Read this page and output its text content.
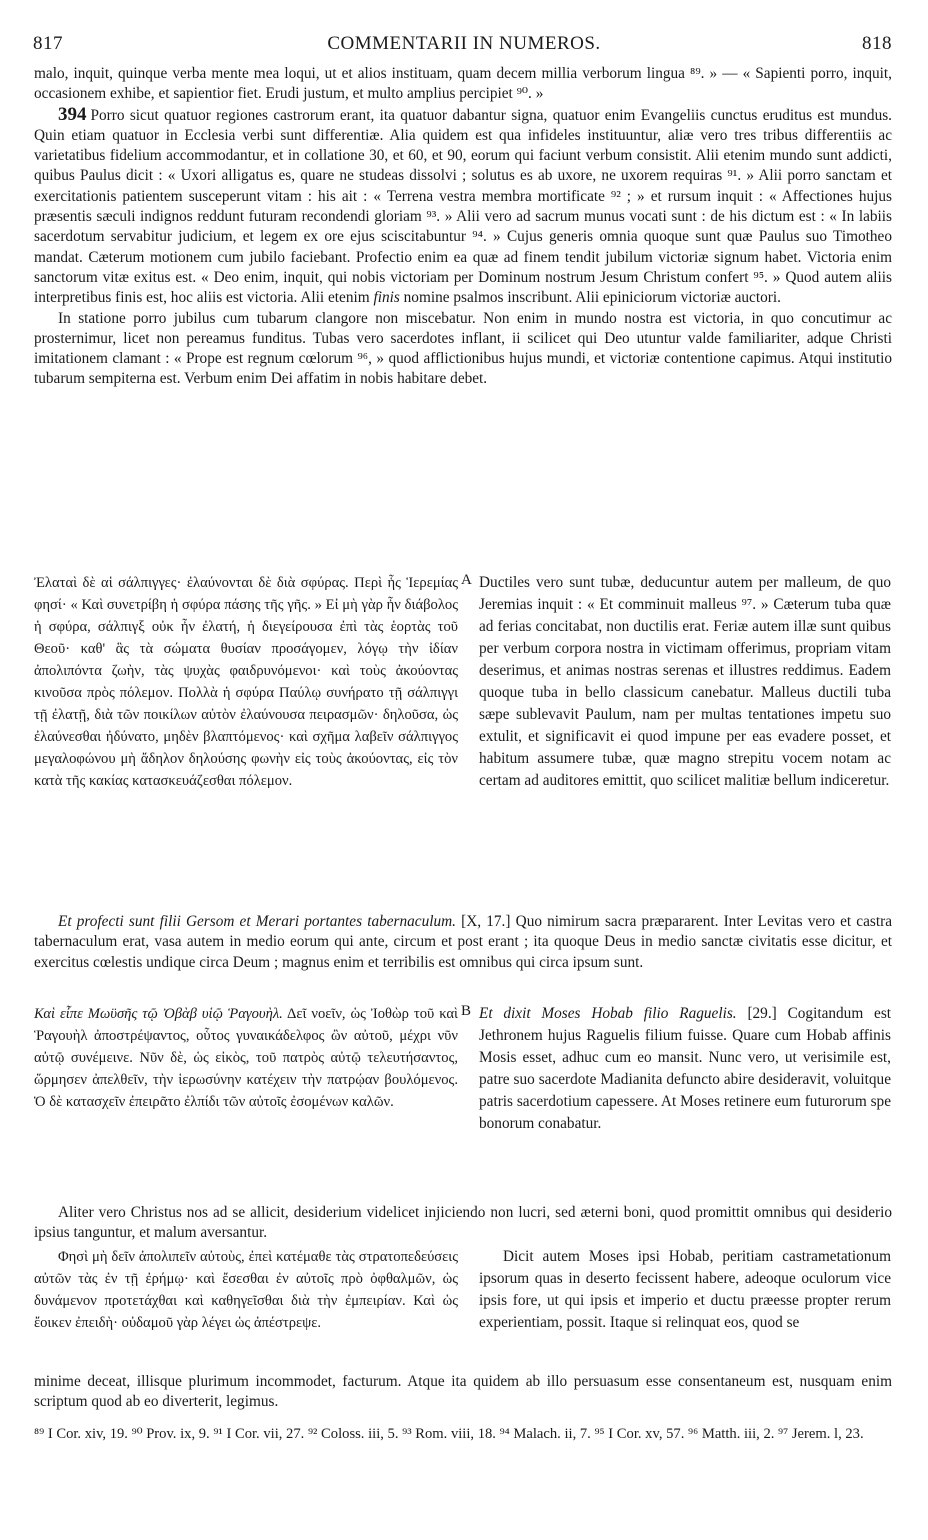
817	COMMENTARII IN NUMEROS.	818

malo, inquit, quinque verba mente mea loqui, ut et alios instituam, quam decem millia verborum lingua ⁸⁹. » — « Sapienti porro, inquit, occasionem exhibe, et sapientior fiet. Erudi justum, et multo amplius percipiet ⁹⁰. »

394 Porro sicut quatuor regiones castrorum erant, ita quatuor dabantur signa, quatuor enim Evangeliis cunctus eruditus est mundus. Quin etiam quatuor in Ecclesia verbi sunt differentiæ. Alia quidem est qua infideles instituuntur, aliæ vero tres tribus differentiis ac varietatibus fidelium accommodantur, et in collatione 30, et 60, et 90, eorum qui faciunt verbum consistit. Alii etenim mundo sunt addicti, quibus Paulus dicit : « Uxori alligatus es, quare ne studeas dissolvi ; solutus es ab uxore, ne uxorem requiras ⁹¹. » Alii porro sanctam et exercitationis patientem susceperunt vitam : his ait : « Terrena vestra membra mortificate ⁹² ; » et rursum inquit : « Affectiones hujus præsentis sæculi indignos reddunt futuram recondendi gloriam ⁹³. » Alii vero ad sacrum munus vocati sunt : de his dictum est : « In labiis sacerdotum servabitur judicium, et legem ex ore ejus sciscitabuntur ⁹⁴. » Cujus generis omnia quoque sunt quæ Paulus suo Timotheo mandat. Cæterum motionem cum jubilo faciebant. Profectio enim ea quæ ad finem tendit jubilum victoriæ signum habet. Victoria enim sanctorum vitæ exitus est. « Deo enim, inquit, qui nobis victoriam per Dominum nostrum Jesum Christum confert ⁹⁵. » Quod autem aliis interpretibus finis est, hoc aliis est victoria. Alii etenim finis nomine psalmos inscribunt. Alii epiniciorum victoriæ auctori.

In statione porro jubilus cum tubarum clangore non miscebatur. Non enim in mundo nostra est victoria, in quo concutimur ac prosternimur, licet non pereamus funditus. Tubas vero sacerdotes inflant, ii scilicet qui Deo utuntur valde familiariter, adque Christi imitationem clamant : « Prope est regnum cœlorum ⁹⁶, » quod afflictionibus hujus mundi, et victoriæ contentione capimus. Atqui institutio tubarum sempiterna est. Verbum enim Dei affatim in nobis habitare debet.

Ἐλαταὶ δὲ αἱ σάλπιγγες· ἐλαύνονται δὲ διὰ σφύρας. Περὶ ἧς Ἱερεμίας φησί· « Καὶ συνετρίβη ἡ σφύρα πάσης τῆς γῆς. » Εἰ μὴ γὰρ ἦν διάβολος ἡ σφύρα, σάλπιγξ οὐκ ἦν ἐλατή, ἡ διεγείρουσα ἐπὶ τὰς ἑορτὰς τοῦ Θεοῦ· καθ' ἃς τὰ σώματα θυσίαν προσάγομεν, λόγῳ τὴν ἰδίαν ἀπολιπόντα ζωὴν, τὰς ψυχὰς φαιδρυνόμενοι· καὶ τοὺς ἀκούοντας κινοῦσα πρὸς πόλεμον. Πολλὰ ἡ σφύρα Παύλῳ συνήρατο τῇ σάλπιγγι τῇ ἐλατῇ, διὰ τῶν ποικίλων αὐτὸν ἐλαύνουσα πειρασμῶν· δηλοῦσα, ὡς ἐλαύνεσθαι ἠδύνατο, μηδὲν βλαπτόμενος· καὶ σχῆμα λαβεῖν σάλπιγγος μεγαλοφώνου μὴ ἄδηλον δηλούσης φωνὴν εἰς τοὺς ἀκούοντας, εἰς τὸν κατὰ τῆς κακίας κατασκευάζεσθαι πόλεμον.

A Ductiles vero sunt tubæ, deducuntur autem per malleum, de quo Jeremias inquit : « Et comminuit malleus ⁹⁷. » Cæterum tuba quæ ad ferias concitabat, non ductilis erat. Feriæ autem illæ sunt quibus per verbum corpora nostra in victimam offerimus, propriam vitam deserimus, et animas nostras serenas et illustres reddimus. Eadem quoque tuba in bello classicum canebatur. Malleus ductili tuba sæpe sublevavit Paulum, nam per multas tentationes impetu suo extulit, et significavit ei quod impune per eas evadere posset, et habitum assumere tubæ, quæ magno strepitu vocem notam ac certam ad auditores emittit, quo scilicet malitiæ bellum indiceretur.

Et profecti sunt filii Gersom et Merari portantes tabernaculum. [X, 17.] Quo nimirum sacra præpararent. Inter Levitas vero et castra tabernaculum erat, vasa autem in medio eorum qui ante, circum et post erant ; ita quoque Deus in medio sanctæ civitatis esse dicitur, et exercitus cœlestis undique circa Deum ; magnus enim et terribilis est omnibus qui circa ipsum sunt.

Καὶ εἶπε Μωϋσῆς τῷ Ὀβὰβ υἱῷ Ῥαγουὴλ. Δεῖ νοεῖν, ὡς Ἰοθὼρ τοῦ καὶ Ῥαγουὴλ ἀποστρέψαντος, οὗτος γυναικάδελφος ὢν αὐτοῦ, μέχρι νῦν αὐτῷ συνέμεινε. Νῦν δὲ, ὡς εἰκὸς, τοῦ πατρὸς αὐτῷ τελευτήσαντος, ὥρμησεν ἀπελθεῖν, τὴν ἱερωσύνην κατέχειν τὴν πατρῴαν βουλόμενος. Ὁ δὲ κατασχεῖν ἐπειρᾶτο ἐλπίδι τῶν αὐτοῖς ἐσομένων καλῶν.

B Et dixit Moses Hobab filio Raguelis. [29.] Cogitandum est Jethronem hujus Raguelis filium fuisse. Quare cum Hobab affinis Mosis esset, adhuc cum eo mansit. Nunc vero, ut verisimile est, patre suo sacerdote Madianita defuncto abire desideravit, voluitque patris sacerdotium capessere. At Moses retinere eum futurorum spe bonorum conabatur.

Aliter vero Christus nos ad se allicit, desiderium videlicet injiciendo non lucri, sed æterni boni, quod promittit omnibus qui desiderio ipsius tanguntur, et malum aversantur.

Φησὶ μὴ δεῖν ἀπολιπεῖν αὐτοὺς, ἐπεὶ κατέμαθε τὰς στρατοπεδεύσεις αὐτῶν τὰς ἐν τῇ ἐρήμῳ· καὶ ἔσεσθαι ἐν αὐτοῖς πρὸ ὀφθαλμῶν, ὡς δυνάμενον προτετάχθαι καὶ καθηγεῖσθαι διὰ τὴν ἐμπειρίαν. Καὶ ὡς ἔοικεν ἐπειδὴ· οὐδαμοῦ γὰρ λέγει ὡς ἀπέστρεψε.

Dicit autem Moses ipsi Hobab, peritiam castrametationum ipsorum quas in deserto fecissent habere, adeoque oculorum vice ipsis fore, ut qui ipsis et imperio et ductu præesse propter rerum experientiam, possit. Itaque si relinquat eos, quod se

minime deceat, illisque plurimum incommodet, facturum. Atque ita quidem ab illo persuasum esse consentaneum est, nusquam enim scriptum quod ab eo diverterit, legimus.

⁸⁹ I Cor. xiv, 19. ⁹⁰ Prov. ix, 9. ⁹¹ I Cor. vii, 27. ⁹² Coloss. iii, 5. ⁹³ Rom. viii, 18. ⁹⁴ Malach. ii, 7. ⁹⁵ I Cor. xv, 57. ⁹⁶ Matth. iii, 2. ⁹⁷ Jerem. l, 23.
